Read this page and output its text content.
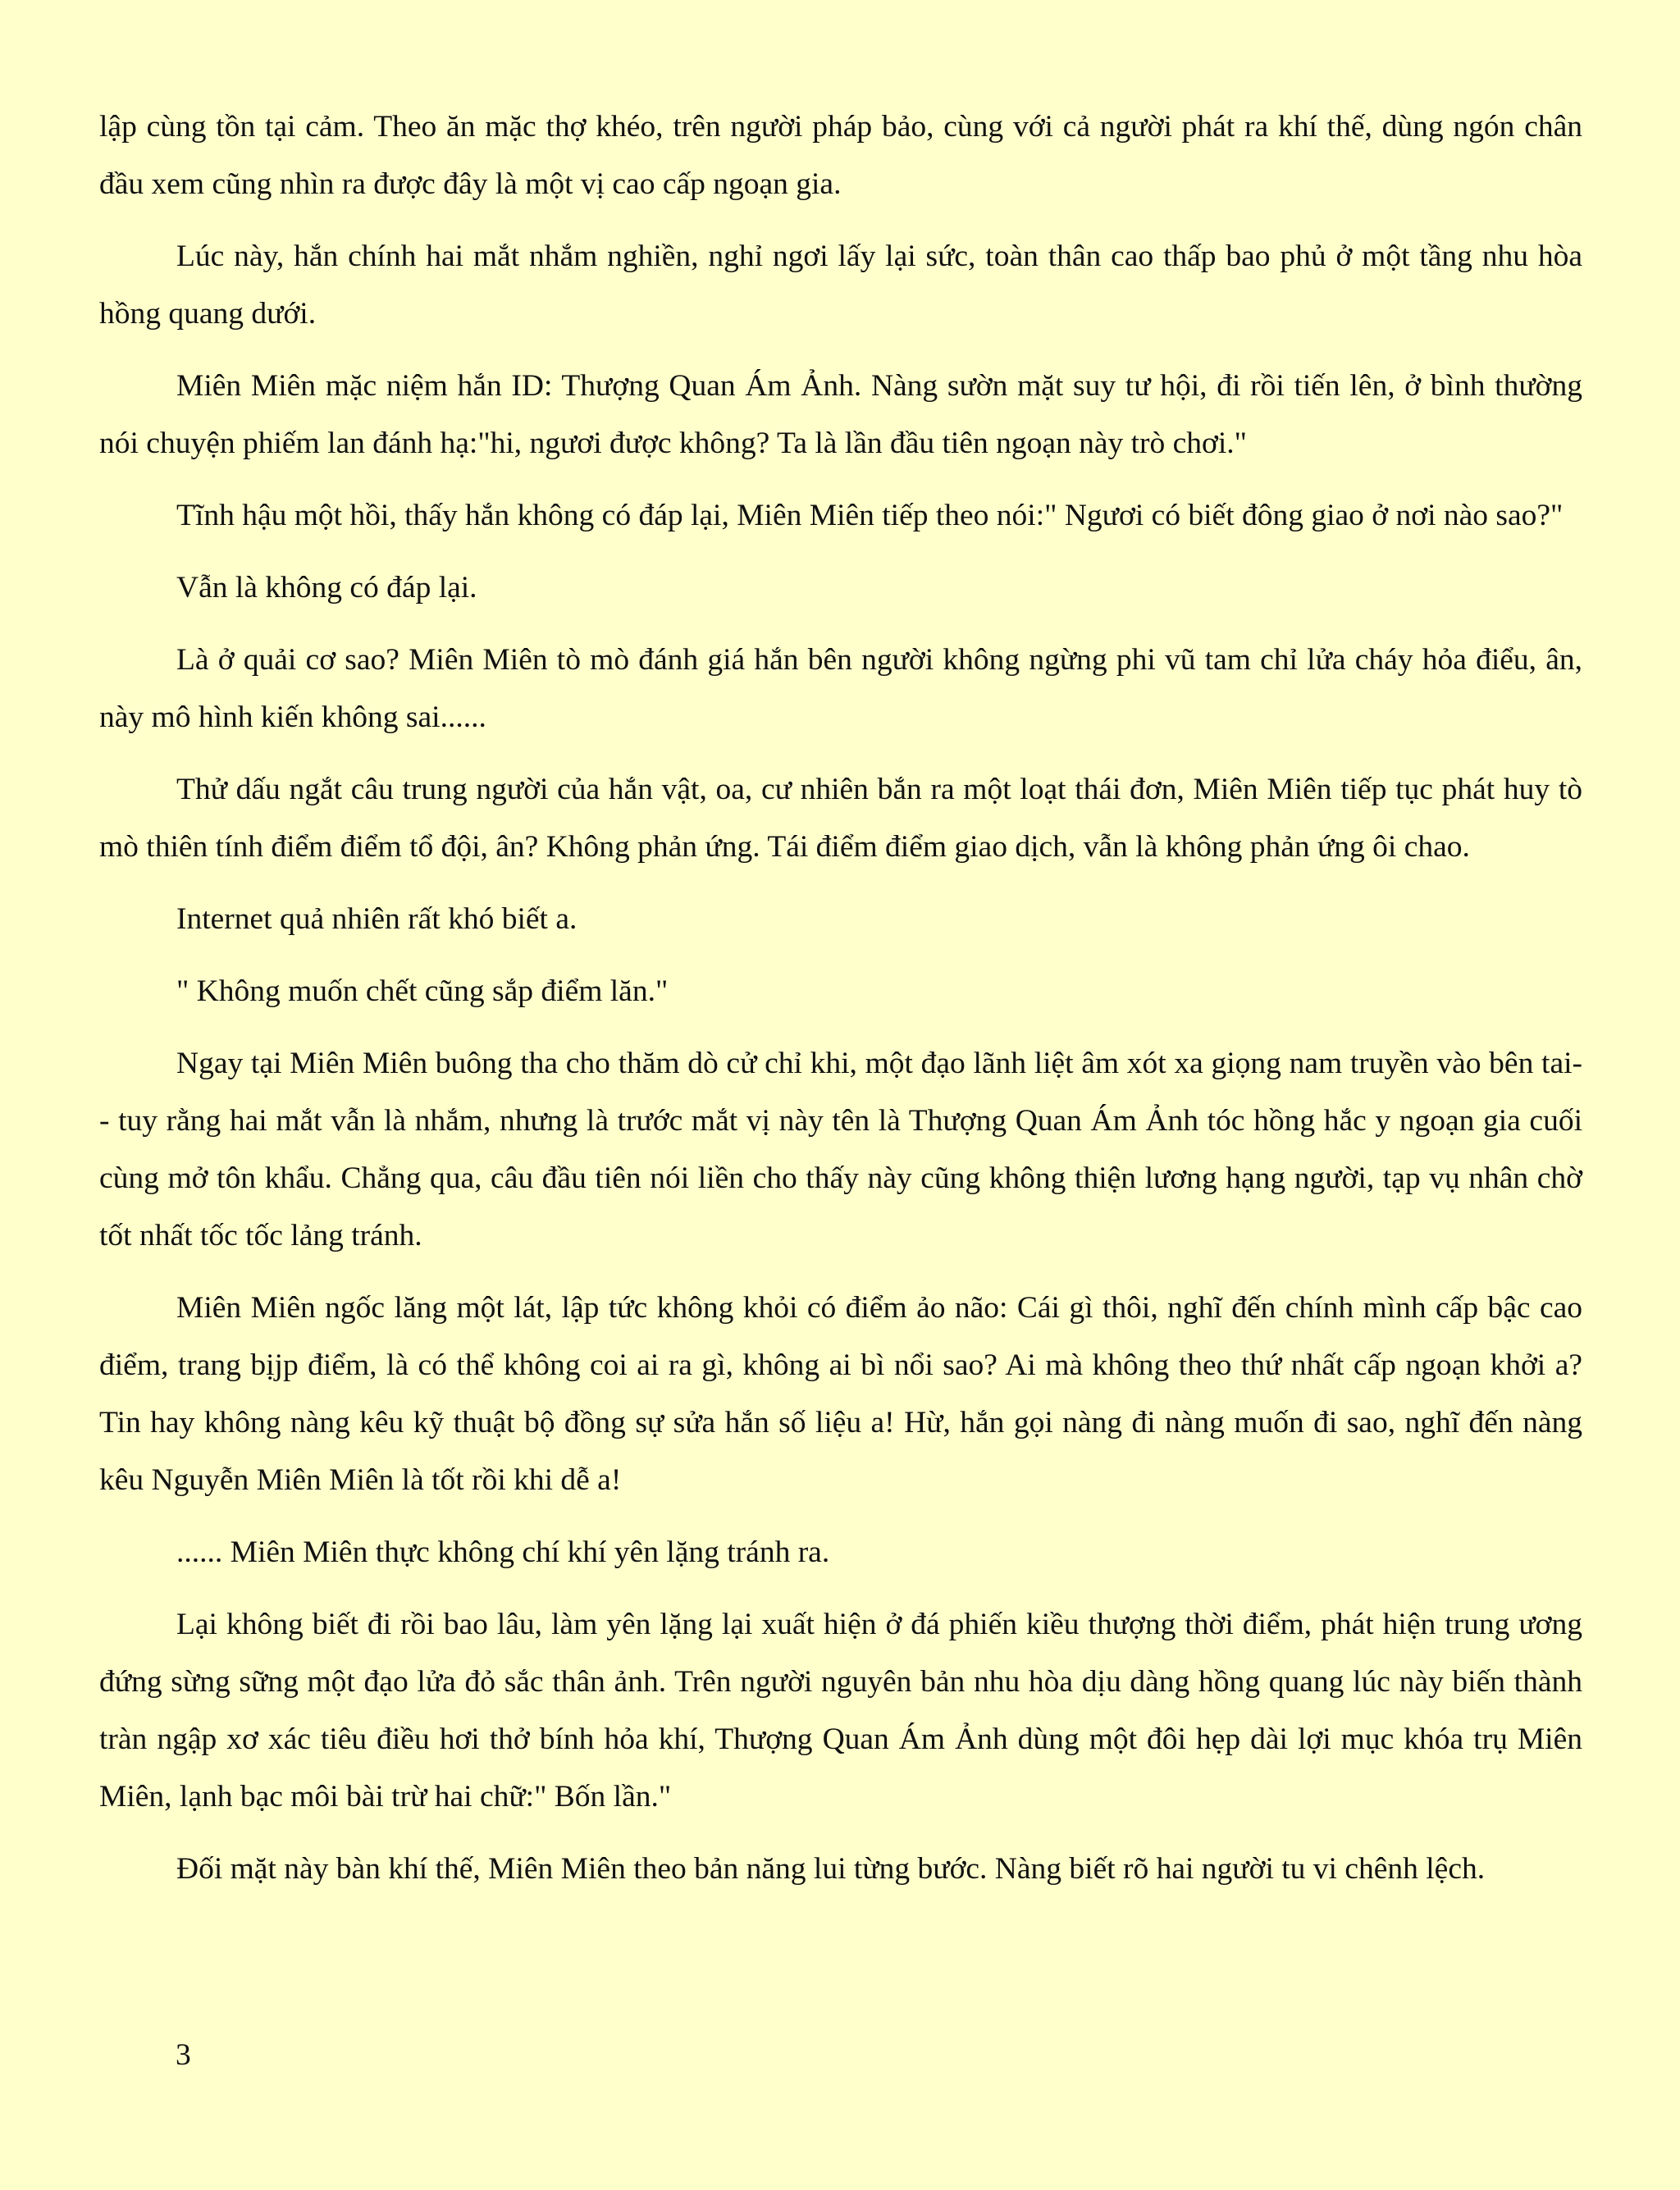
lập cùng tồn tại cảm. Theo ăn mặc thợ khéo, trên người pháp bảo, cùng với cả người phát ra khí thế, dùng ngón chân đầu xem cũng nhìn ra được đây là một vị cao cấp ngoạn gia.

Lúc này, hắn chính hai mắt nhắm nghiền, nghỉ ngơi lấy lại sức, toàn thân cao thấp bao phủ ở một tầng nhu hòa hồng quang dưới.

Miên Miên mặc niệm hắn ID: Thượng Quan Ám Ảnh. Nàng sườn mặt suy tư hội, đi rồi tiến lên, ở bình thường nói chuyện phiếm lan đánh hạ:"hi, ngươi được không? Ta là lần đầu tiên ngoạn này trò chơi."

Tĩnh hậu một hồi, thấy hắn không có đáp lại, Miên Miên tiếp theo nói:" Ngươi có biết đông giao ở nơi nào sao?"

Vẫn là không có đáp lại.

Là ở quải cơ sao? Miên Miên tò mò đánh giá hắn bên người không ngừng phi vũ tam chỉ lửa cháy hỏa điểu, ân, này mô hình kiến không sai......

Thử dấu ngắt câu trung người của hắn vật, oa, cư nhiên bắn ra một loạt thái đơn, Miên Miên tiếp tục phát huy tò mò thiên tính điểm điểm tổ đội, ân? Không phản ứng. Tái điểm điểm giao dịch, vẫn là không phản ứng ôi chao.

Internet quả nhiên rất khó biết a.

" Không muốn chết cũng sắp điểm lăn."

Ngay tại Miên Miên buông tha cho thăm dò cử chỉ khi, một đạo lãnh liệt âm xót xa giọng nam truyền vào bên tai-- tuy rằng hai mắt vẫn là nhắm, nhưng là trước mắt vị này tên là Thượng Quan Ám Ảnh tóc hồng hắc y ngoạn gia cuối cùng mở tôn khẩu. Chẳng qua, câu đầu tiên nói liền cho thấy này cũng không thiện lương hạng người, tạp vụ nhân chờ tốt nhất tốc tốc lảng tránh.

Miên Miên ngốc lăng một lát, lập tức không khỏi có điểm ảo não: Cái gì thôi, nghĩ đến chính mình cấp bậc cao điểm, trang bịjp điểm, là có thể không coi ai ra gì, không ai bì nổi sao? Ai mà không theo thứ nhất cấp ngoạn khởi a? Tin hay không nàng kêu kỹ thuật bộ đồng sự sửa hắn số liệu a! Hừ, hắn gọi nàng đi nàng muốn đi sao, nghĩ đến nàng kêu Nguyễn Miên Miên là tốt rồi khi dễ a!

...... Miên Miên thực không chí khí yên lặng tránh ra.

Lại không biết đi rồi bao lâu, làm yên lặng lại xuất hiện ở đá phiến kiều thượng thời điểm, phát hiện trung ương đứng sừng sững một đạo lửa đỏ sắc thân ảnh. Trên người nguyên bản nhu hòa dịu dàng hồng quang lúc này biến thành tràn ngập xơ xác tiêu điều hơi thở bính hỏa khí, Thượng Quan Ám Ảnh dùng một đôi hẹp dài lợi mục khóa trụ Miên Miên, lạnh bạc môi bài trừ hai chữ:" Bốn lần."

Đối mặt này bàn khí thế, Miên Miên theo bản năng lui từng bước. Nàng biết rõ hai người tu vi chênh lệch.

3
